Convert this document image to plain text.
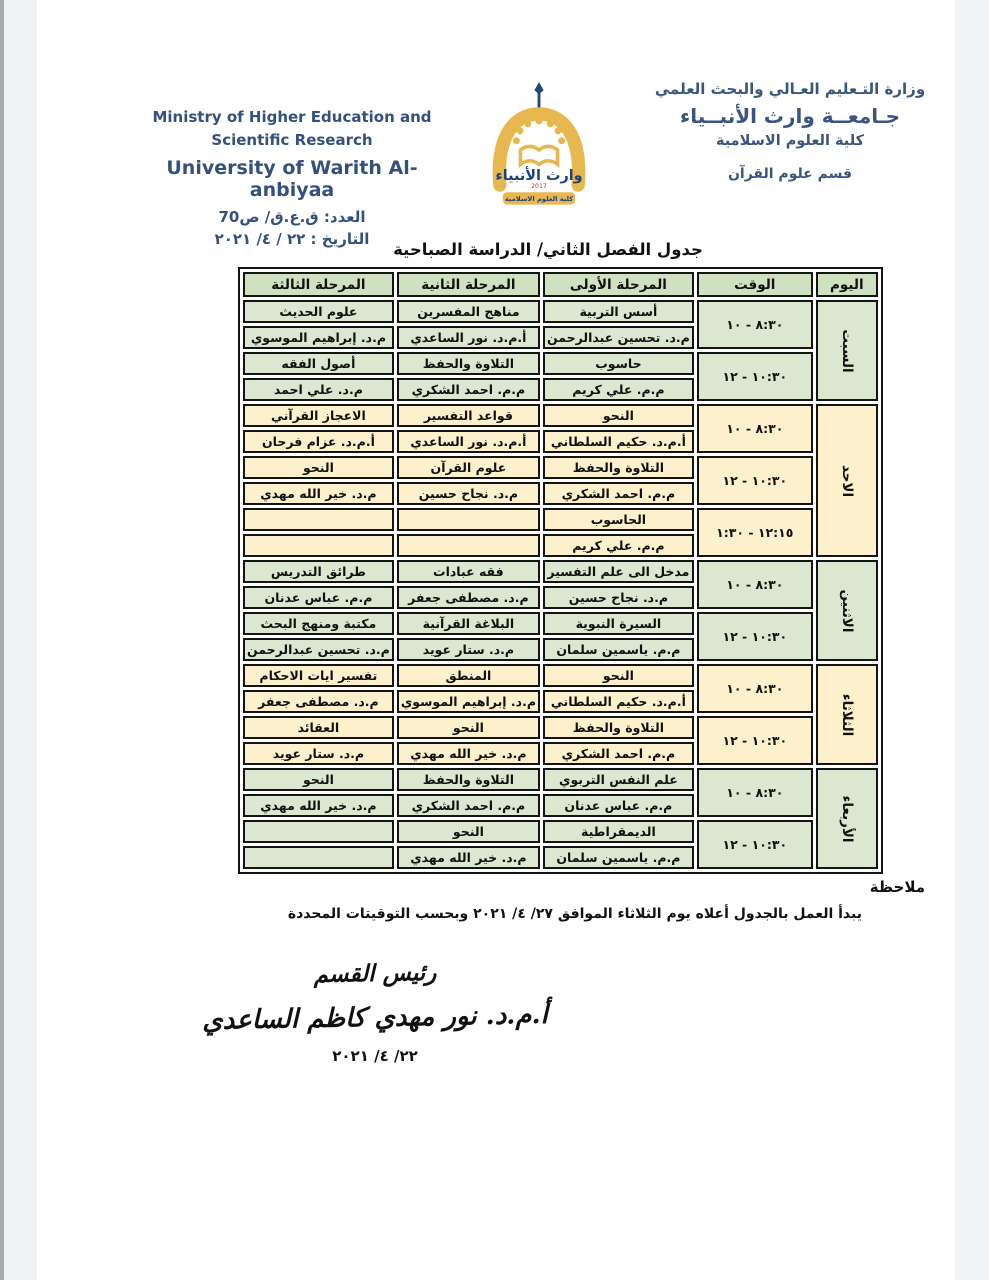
وارث الأنبياء
2017
كلية العلوم الاسلامية
وزارة التـعليم العـالي والبحث العلمي
جـامعــة وارث الأنبــياء
كلية العلوم الاسلامية
قسم علوم القرآن
Ministry of Higher Education and
Scientific Research
University of Warith Al- anbiyaa
العدد: ق.ع.ق/ ص70
التاريخ : ٢٢ / ٤/ ٢٠٢١
جدول الفصل الثاني/ الدراسة الصباحية
اليوم	الوقت	المرحلة الأولى	المرحلة الثانية	المرحلة الثالثة

السبت	٨:٣٠ - ١٠	أسس التربية	مناهج المفسرين	علوم الحديث
		م.د. تحسين عبدالرحمن	أ.م.د. نور الساعدي	م.د. إبراهيم الموسوي
	١٠:٣٠ - ١٢	حاسوب	التلاوة والحفظ	أصول الفقه
		م.م. علي كريم	م.م. احمد الشكري	م.د. علي احمد

الاحد	٨:٣٠ - ١٠	النحو	قواعد التفسير	الاعجاز القرآني
		أ.م.د. حكيم السلطاني	أ.م.د. نور الساعدي	أ.م.د. عزام فرحان
	١٠:٣٠ - ١٢	التلاوة والحفظ	علوم القرآن	النحو
		م.م. احمد الشكري	م.د. نجاح حسين	م.د. خير الله مهدي
	١٢:١٥ - ١:٣٠	الحاسوب		
		م.م. علي كريم		

الاثنين	٨:٣٠ - ١٠	مدخل الى علم التفسير	فقه عبادات	طرائق التدريس
		م.د. نجاح حسين	م.د. مصطفى جعفر	م.م. عباس عدنان
	١٠:٣٠ - ١٢	السيرة النبوية	البلاغة القرآنية	مكتبة ومنهج البحث
		م.م. ياسمين سلمان	م.د. ستار عويد	م.د. تحسين عبدالرحمن

الثلاثاء	٨:٣٠ - ١٠	النحو	المنطق	تفسير ايات الاحكام
		أ.م.د. حكيم السلطاني	م.د. إبراهيم الموسوي	م.د. مصطفى جعفر
	١٠:٣٠ - ١٢	التلاوة والحفظ	النحو	العقائد
		م.م. احمد الشكري	م.د. خير الله مهدي	م.د. ستار عويد

الأربعاء	٨:٣٠ - ١٠	علم النفس التربوي	التلاوة والحفظ	النحو
		م.م. عباس عدنان	م.م. احمد الشكري	م.د. خير الله مهدي
	١٠:٣٠ - ١٢	الديمقراطية	النحو	
		م.م. ياسمين سلمان	م.د. خير الله مهدي	
ملاحظة
يبدأ العمل بالجدول أعلاه يوم الثلاثاء الموافق ٢٧/ ٤/ ٢٠٢١ وبحسب التوقيتات المحددة
رئيس القسم
أ.م.د. نور مهدي كاظم الساعدي
٢٢/ ٤/ ٢٠٢١
